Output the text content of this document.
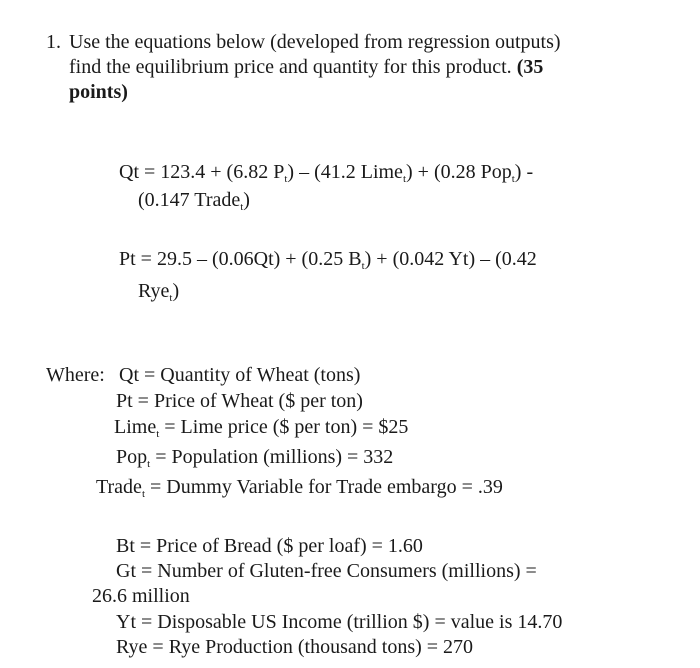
1. Use the equations below (developed from regression outputs)
find the equilibrium price and quantity for this product. (35
points)
Qt = 123.4 + (6.82 $P_t) - (41.2$ Lime$_t$) + (0.28 Pop$_t$) -
(0.147 Trade$_t$)
Pt = 29.5 – (0.06Qt) + (0.25 $B_t) + (0.042$ Yt) – (0.42
Rye$_t$)
Where: Qt = Quantity of Wheat (tons)
Pt = Price of Wheat ($ per ton)
Lime$_t$ = Lime price ($ per ton) = $25
Pop$_t$ = Population (millions) = 332
Trade$_t$ = Dummy Variable for Trade embargo = .39
Bt = Price of Bread ($ per loaf) = 1.60
Gt = Number of Gluten-free Consumers (millions) =
26.6 million
Yt = Disposable US Income (trillion $) = value is 14.70
Rye = Rye Production (thousand tons) = 270
